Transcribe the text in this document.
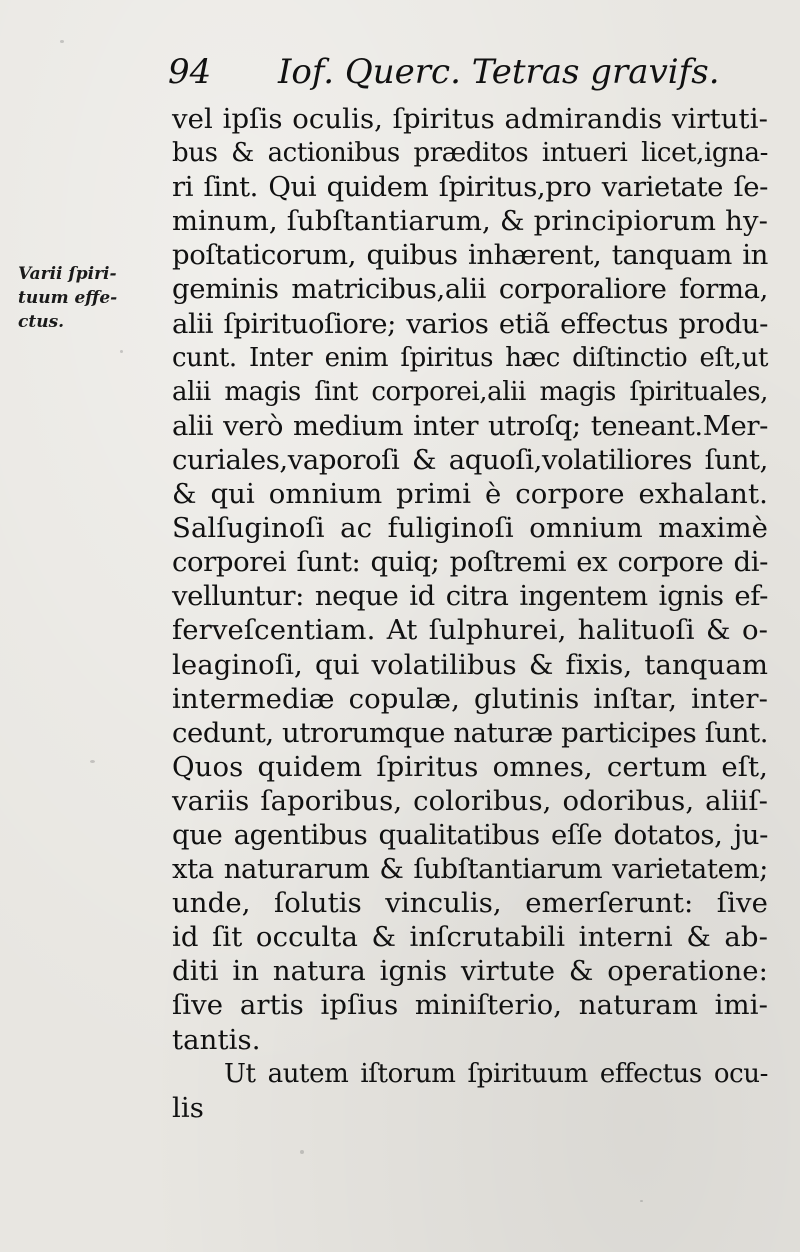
94	Iof. Querc. Tetras gravifs.
Varii ſpiri-
tuum effe-
ctus.
vel ipſis oculis, ſpiritus admirandis virtuti-
bus & actionibus præditos intueri licet,igna-
ri ſint. Qui quidem ſpiritus,pro varietate ſe-
minum, ſubſtantiarum, & principiorum hy-
poſtaticorum, quibus inhærent, tanquam in
geminis matricibus,alii corporaliore forma,
alii ſpirituoſiore; varios etiã effectus produ-
cunt. Inter enim ſpiritus hæc diſtinctio eſt,ut
alii magis ſint corporei,alii magis ſpirituales,
alii verò medium inter utroſq; teneant.Mer-
curiales,vaporoſi & aquoſi,volatiliores ſunt,
& qui omnium primi è corpore exhalant.
Salſuginoſi ac fuliginoſi omnium maximè
corporei ſunt: quiq; poſtremi ex corpore di-
velluntur: neque id citra ingentem ignis ef-
ferveſcentiam. At ſulphurei, halituoſi & o-
leaginoſi, qui volatilibus & fixis, tanquam
intermediæ copulæ, glutinis inſtar, inter-
cedunt, utrorumque naturæ participes ſunt.
Quos quidem ſpiritus omnes, certum eſt,
variis ſaporibus, coloribus, odoribus, aliiſ-
que agentibus qualitatibus eſſe dotatos, ju-
xta naturarum & ſubſtantiarum varietatem;
unde, ſolutis vinculis, emerſerunt: ſive
id ſit occulta & inſcrutabili interni & ab-
diti in natura ignis virtute & operatione:
ſive artis ipſius miniſterio, naturam imi-
tantis.
Ut autem iſtorum ſpirituum effectus ocu-
lis
